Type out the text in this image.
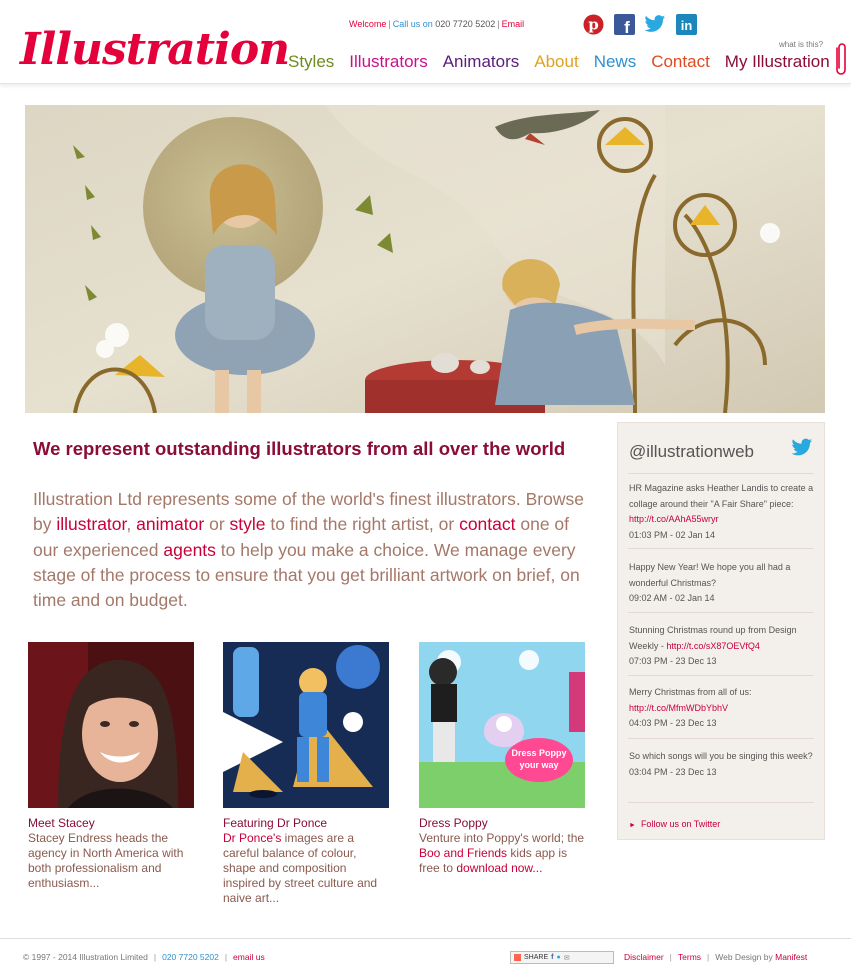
Illustration	Welcome | Call us on 020 7720 5202 | Email	p f	in
Styles Illustrators Animators About News Contact My Illustration
what is this?
We represent outstanding illustrators from all over the world

Illustration Ltd represents some of the world's finest illustrators. Browse by illustrator, animator or style to find the right artist, or contact one of our experienced agents to help you make a choice. We manage every stage of the process to ensure that you get brilliant artwork on brief, on time and on budget.

Meet Stacey
Stacey Endress heads the agency in North America with both professionalism and enthusiasm...
Featuring Dr Ponce
Dr Ponce's images are a careful balance of colour, shape and composition inspired by street culture and naive art...
Dress Poppy
your way
Dress Poppy
Venture into Poppy's world; the Boo and Friends kids app is free to download now...
@illustrationweb
HR Magazine asks Heather Landis to create a collage around their "A Fair Share" piece: http://t.co/AAhA55wryr
01:03 PM - 02 Jan 14
Happy New Year! We hope you all had a wonderful Christmas?
09:02 AM - 02 Jan 14
Stunning Christmas round up from Design Weekly - http://t.co/sX87OEVfQ4
07:03 PM - 23 Dec 13
Merry Christmas from all of us:
http://t.co/MfmWDbYbhV
04:03 PM - 23 Dec 13
So which songs will you be singing this week?
03:04 PM - 23 Dec 13
► Follow us on Twitter
© 1997 - 2014 Illustration Limited | 020 7720 5202 | email us	SHARE f ● ✉	Disclaimer | Terms | Web Design by Manifest
